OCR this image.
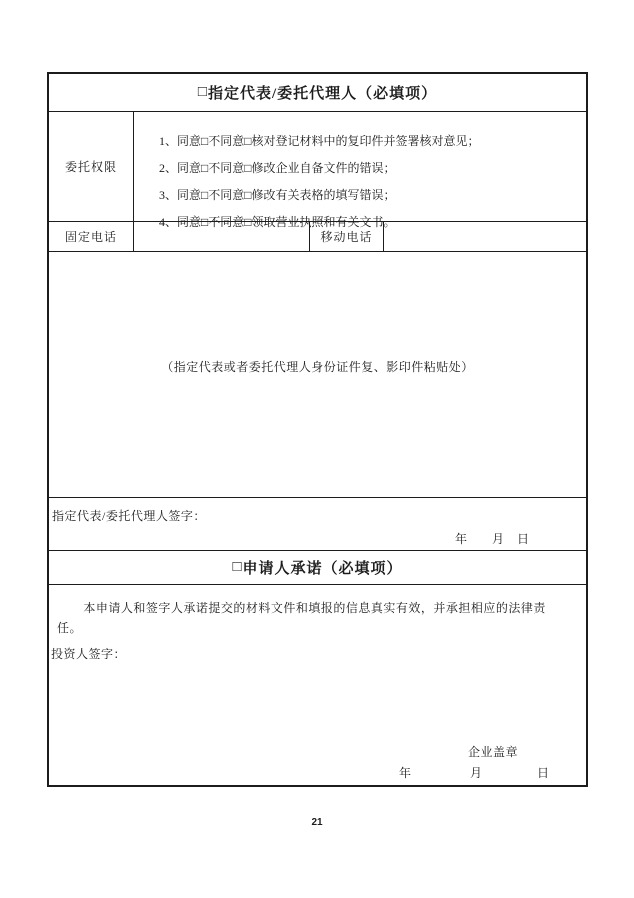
□ 指定代表/委托代理人（必填项）
委托权限
1、同意□不同意□核对登记材料中的复印件并签署核对意见；
2、同意□不同意□修改企业自备文件的错误；
3、同意□不同意□修改有关表格的填写错误；
4、同意□不同意□领取营业执照和有关文书。
固定电话	移动电话
（指定代表或者委托代理人身份证件复、影印件粘贴处）
指定代表/委托代理人签字：
年 月 日
□ 申请人承诺（必填项）

本申请人和签字人承诺提交的材料文件和填报的信息真实有效，并承担相应的法律责任。

投资人签字：
企业盖章
年	月	日
21
